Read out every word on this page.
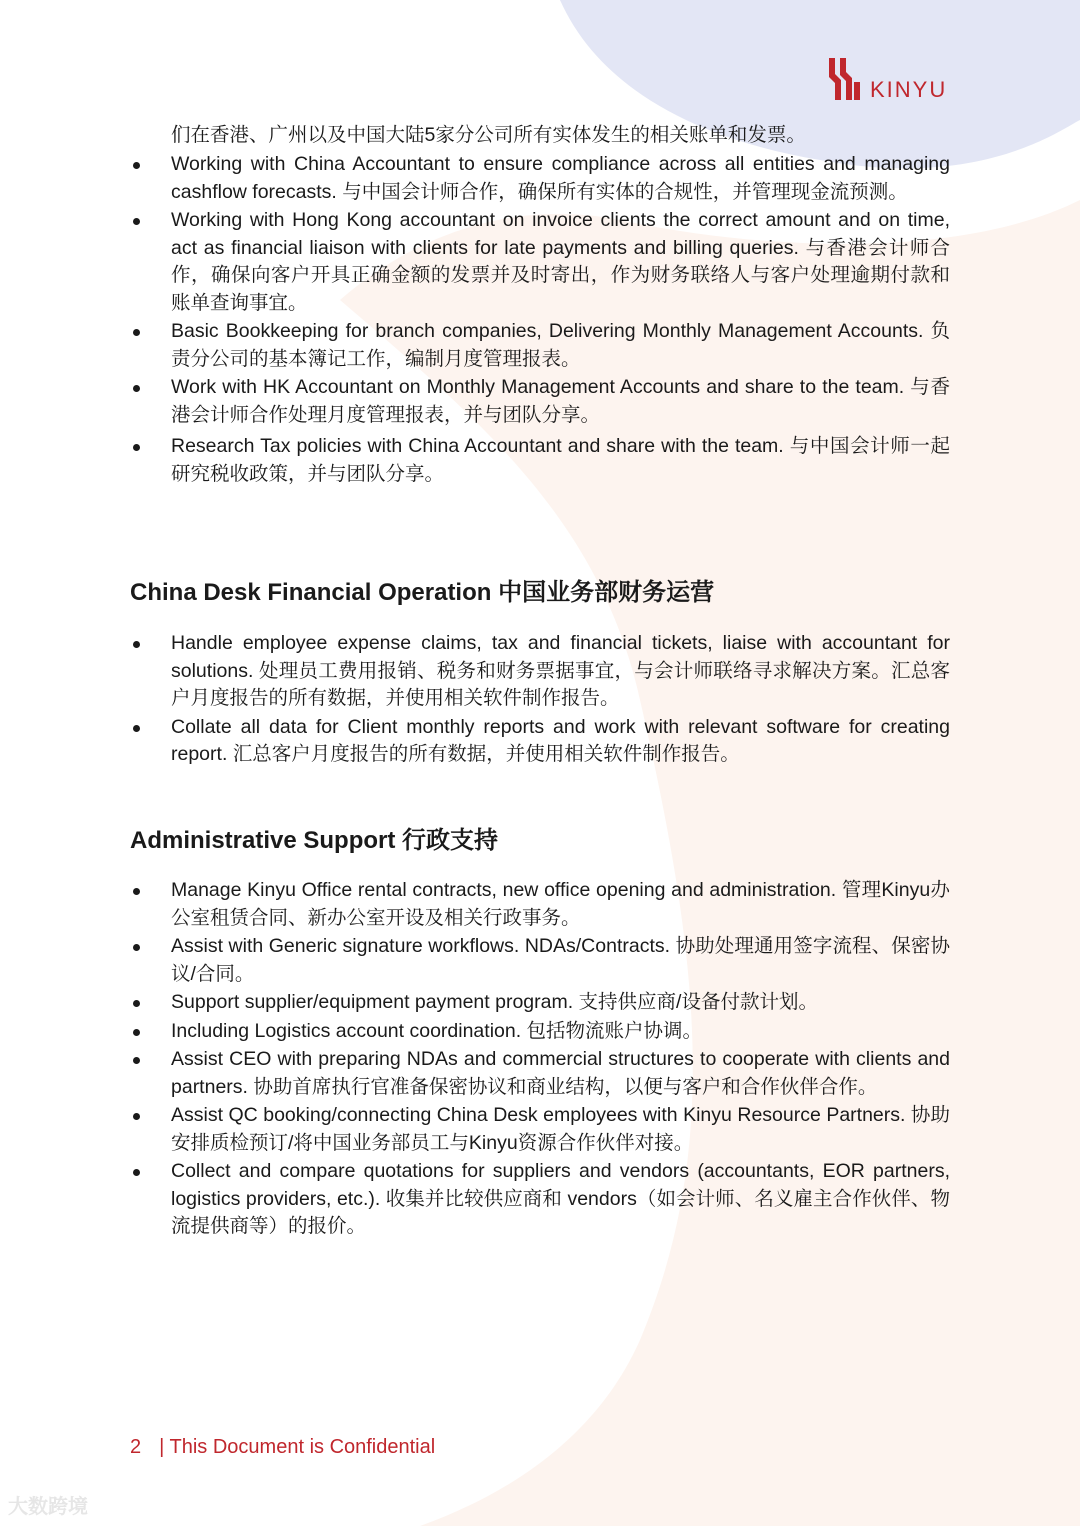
KINYU
们在香港、广州以及中国大陆5家分公司所有实体发生的相关账单和发票。
Working with China Accountant to ensure compliance across all entities and managing cashflow forecasts. 与中国会计师合作，确保所有实体的合规性，并管理现金流预测。
Working with Hong Kong accountant on invoice clients the correct amount and on time, act as financial liaison with clients for late payments and billing queries. 与香港会计师合作，确保向客户开具正确金额的发票并及时寄出，作为财务联络人与客户处理逾期付款和账单查询事宜。
Basic Bookkeeping for branch companies, Delivering Monthly Management Accounts. 负责分公司的基本簿记工作，编制月度管理报表。
Work with HK Accountant on Monthly Management Accounts and share to the team. 与香港会计师合作处理月度管理报表，并与团队分享。
Research Tax policies with China Accountant and share with the team. 与中国会计师一起研究税收政策，并与团队分享。
China Desk Financial Operation 中国业务部财务运营
Handle employee expense claims, tax and financial tickets, liaise with accountant for solutions. 处理员工费用报销、税务和财务票据事宜，与会计师联络寻求解决方案。汇总客户月度报告的所有数据，并使用相关软件制作报告。
Collate all data for Client monthly reports and work with relevant software for creating report. 汇总客户月度报告的所有数据，并使用相关软件制作报告。
Administrative Support 行政支持
Manage Kinyu Office rental contracts, new office opening and administration. 管理Kinyu办公室租赁合同、新办公室开设及相关行政事务。
Assist with Generic signature workflows. NDAs/Contracts. 协助处理通用签字流程、保密协议/合同。
Support supplier/equipment payment program. 支持供应商/设备付款计划。
Including Logistics account coordination. 包括物流账户协调。
Assist CEO with preparing NDAs and commercial structures to cooperate with clients and partners. 协助首席执行官准备保密协议和商业结构，以便与客户和合作伙伴合作。
Assist QC booking/connecting China Desk employees with Kinyu Resource Partners. 协助安排质检预订/将中国业务部员工与Kinyu资源合作伙伴对接。
Collect and compare quotations for suppliers and vendors (accountants, EOR partners, logistics providers, etc.). 收集并比较供应商和 vendors（如会计师、名义雇主合作伙伴、物流提供商等）的报价。
2 | This Document is Confidential
大数跨境
